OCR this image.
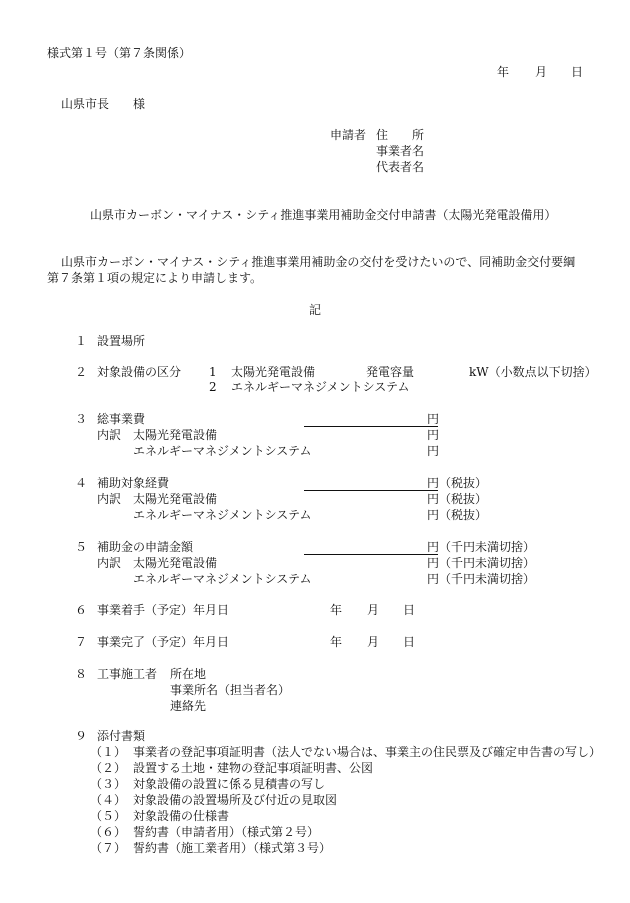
様式第１号（第７条関係）
年 月 日
山県市長　　様
申請者 住　　所
事業者名
代表者名
山県市カーボン・マイナス・シティ推進事業用補助金交付申請書（太陽光発電設備用）
山県市カーボン・マイナス・シティ推進事業用補助金の交付を受けたいので、同補助金交付要綱
第７条第１項の規定により申請します。
記
１ 設置場所
２ 対象設備の区分 1 太陽光発電設備	発電容量	kW（小数点以下切捨）
2 エネルギーマネジメントシステム
３ 総事業費	円
内訳 太陽光発電設備	円
エネルギーマネジメントシステム	円
４ 補助対象経費	円（税抜）
内訳 太陽光発電設備	円（税抜）
エネルギーマネジメントシステム	円（税抜）
５ 補助金の申請金額	円（千円未満切捨）
内訳 太陽光発電設備	円（千円未満切捨）
エネルギーマネジメントシステム	円（千円未満切捨）
６ 事業着手（予定）年月日	年 月 日
７ 事業完了（予定）年月日	年 月 日
８ 工事施工者 所在地
事業所名（担当者名）
連絡先
９ 添付書類
（１） 事業者の登記事項証明書（法人でない場合は、事業主の住民票及び確定申告書の写し）
（２） 設置する土地・建物の登記事項証明書、公図
（３） 対象設備の設置に係る見積書の写し
（４） 対象設備の設置場所及び付近の見取図
（５） 対象設備の仕様書
（６） 誓約書（申請者用）（様式第２号）
（７） 誓約書（施工業者用）（様式第３号）
